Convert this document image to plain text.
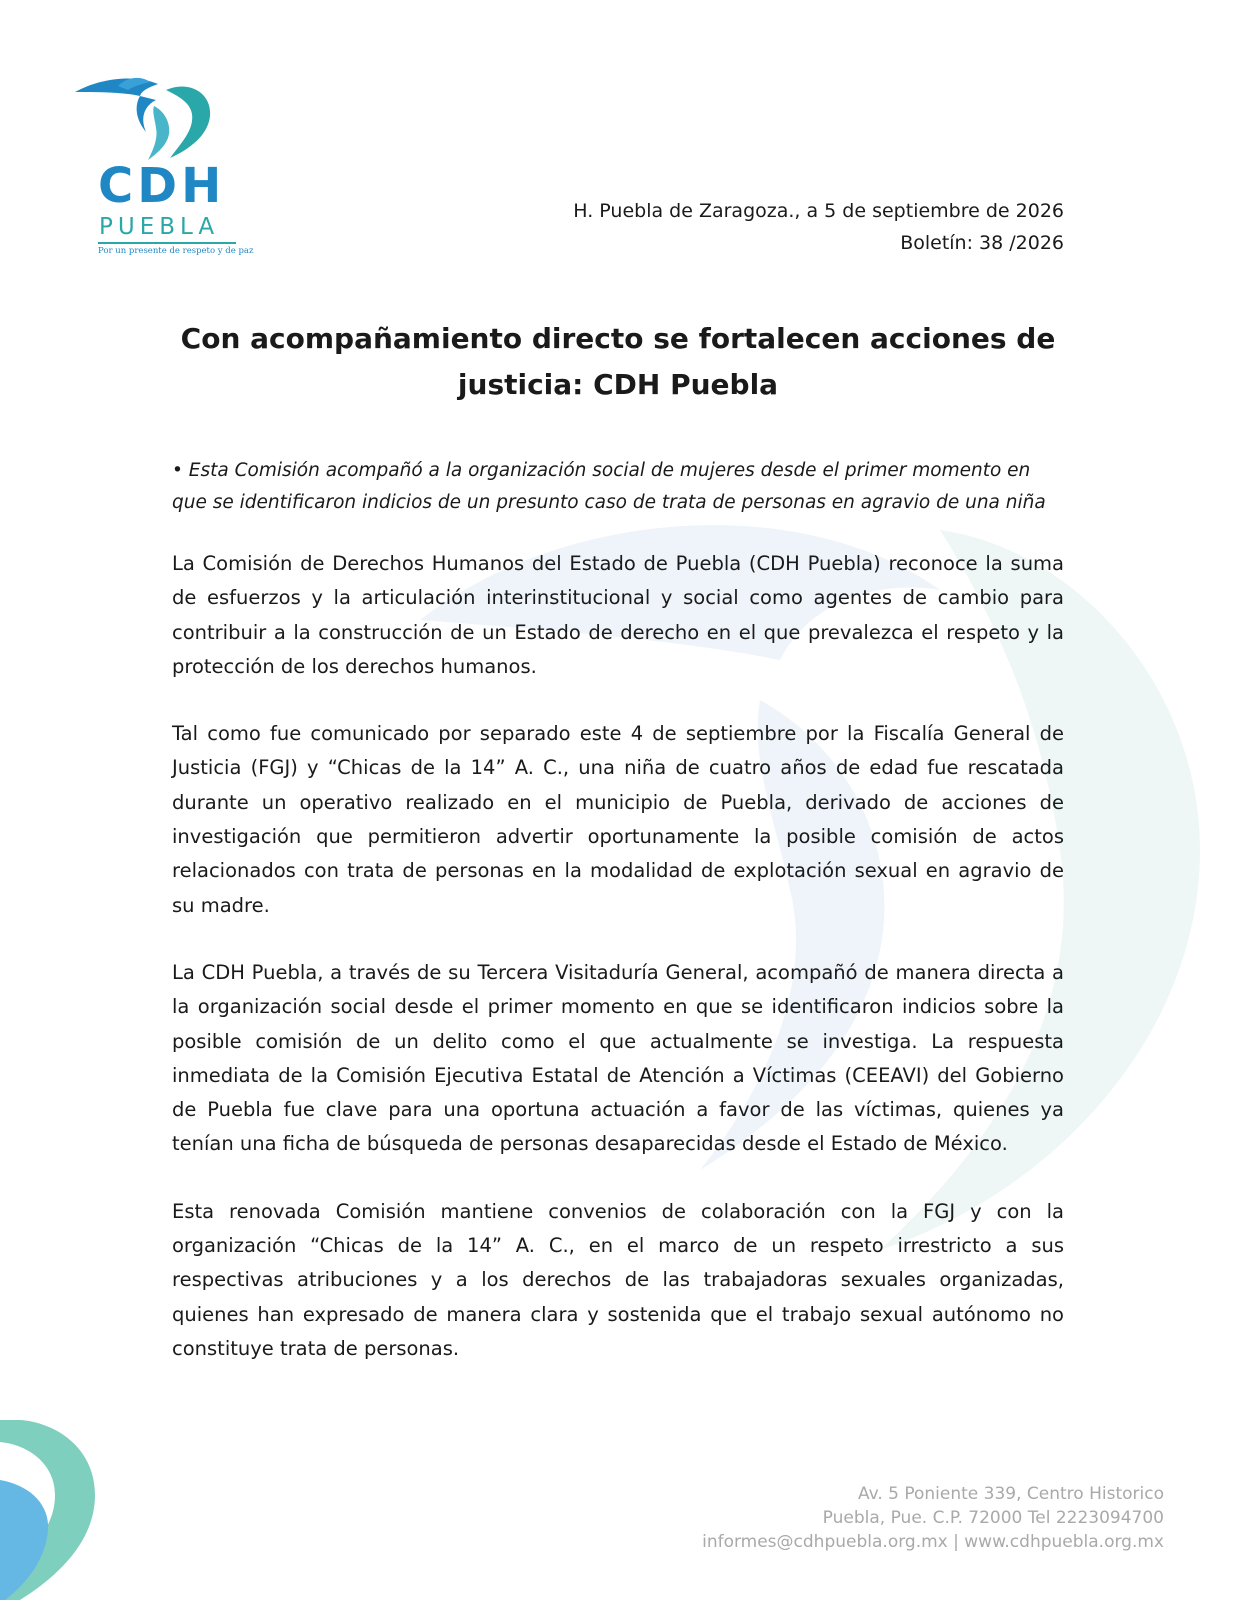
CDH
PUEBLA
Por un presente de respeto y de paz
H. Puebla de Zaragoza., a 5 de septiembre de 2026
Boletín: 38 /2026
Con acompañamiento directo se fortalecen acciones de justicia: CDH Puebla

• Esta Comisión acompañó a la organización social de mujeres desde el primer momento en que se identificaron indicios de un presunto caso de trata de personas en agravio de una niña

La Comisión de Derechos Humanos del Estado de Puebla (CDH Puebla) reconoce la suma de esfuerzos y la articulación interinstitucional y social como agentes de cambio para contribuir a la construcción de un Estado de derecho en el que prevalezca el respeto y la protección de los derechos humanos.

Tal como fue comunicado por separado este 4 de septiembre por la Fiscalía General de Justicia (FGJ) y “Chicas de la 14” A. C., una niña de cuatro años de edad fue rescatada durante un operativo realizado en el municipio de Puebla, derivado de acciones de investigación que permitieron advertir oportunamente la posible comisión de actos relacionados con trata de personas en la modalidad de explotación sexual en agravio de su madre.

La CDH Puebla, a través de su Tercera Visitaduría General, acompañó de manera directa a la organización social desde el primer momento en que se identificaron indicios sobre la posible comisión de un delito como el que actualmente se investiga. La respuesta inmediata de la Comisión Ejecutiva Estatal de Atención a Víctimas (CEEAVI) del Gobierno de Puebla fue clave para una oportuna actuación a favor de las víctimas, quienes ya tenían una ficha de búsqueda de personas desaparecidas desde el Estado de México.

Esta renovada Comisión mantiene convenios de colaboración con la FGJ y con la organización “Chicas de la 14” A. C., en el marco de un respeto irrestricto a sus respectivas atribuciones y a los derechos de las trabajadoras sexuales organizadas, quienes han expresado de manera clara y sostenida que el trabajo sexual autónomo no constituye trata de personas.

Av. 5 Poniente 339, Centro Historico
Puebla, Pue. C.P. 72000 Tel 2223094700
informes@cdhpuebla.org.mx | www.cdhpuebla.org.mx
